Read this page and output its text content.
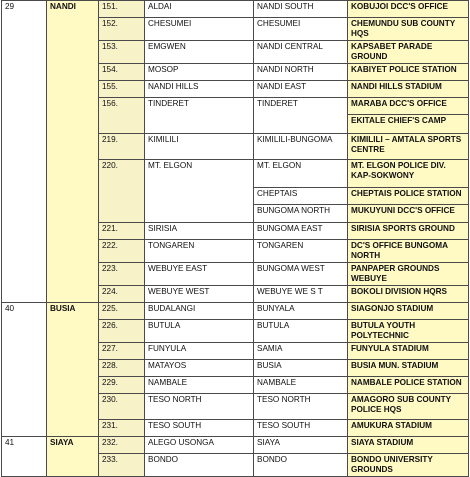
29	NANDI	151.	ALDAI	NANDI SOUTH	KOBUJOI DCC'S OFFICE
		152.	CHESUMEI	CHESUMEI	CHEMUNDU SUB COUNTY HQS
		153.	EMGWEN	NANDI CENTRAL	KAPSABET PARADE GROUND
		154.	MOSOP	NANDI NORTH	KABIYET POLICE STATION
		155.	NANDI HILLS	NANDI EAST	NANDI HILLS STADIUM
		156.	TINDERET	TINDERET	MARABA DCC'S OFFICE
					EKITALE CHIEF'S CAMP
		219.	KIMILILI	KIMILILI-BUNGOMA	KIMILILI – AMTALA SPORTS CENTRE
		220.	MT. ELGON	MT. ELGON	MT. ELGON POLICE DIV. KAP-SOKWONY
				CHEPTAIS	CHEPTAIS POLICE STATION
				BUNGOMA NORTH	MUKUYUNI DCC'S OFFICE
		221.	SIRISIA	BUNGOMA EAST	SIRISIA SPORTS GROUND
		222.	TONGAREN	TONGAREN	DC'S OFFICE BUNGOMA NORTH
		223.	WEBUYE EAST	BUNGOMA WEST	PANPAPER GROUNDS WEBUYE
		224.	WEBUYE WEST	WEBUYE WE S T	BOKOLI DIVISION HQRS
40	BUSIA	225.	BUDALANGI	BUNYALA	SIAGONJO STADIUM
		226.	BUTULA	BUTULA	BUTULA YOUTH POLYTECHNIC
		227.	FUNYULA	SAMIA	FUNYULA STADIUM
		228.	MATAYOS	BUSIA	BUSIA MUN. STADIUM
		229.	NAMBALE	NAMBALE	NAMBALE POLICE STATION
		230.	TESO NORTH	TESO NORTH	AMAGORO SUB COUNTY POLICE HQS
		231.	TESO SOUTH	TESO SOUTH	AMUKURA STADIUM
41	SIAYA	232.	ALEGO USONGA	SIAYA	SIAYA STADIUM
		233.	BONDO	BONDO	BONDO UNIVERSITY GROUNDS
